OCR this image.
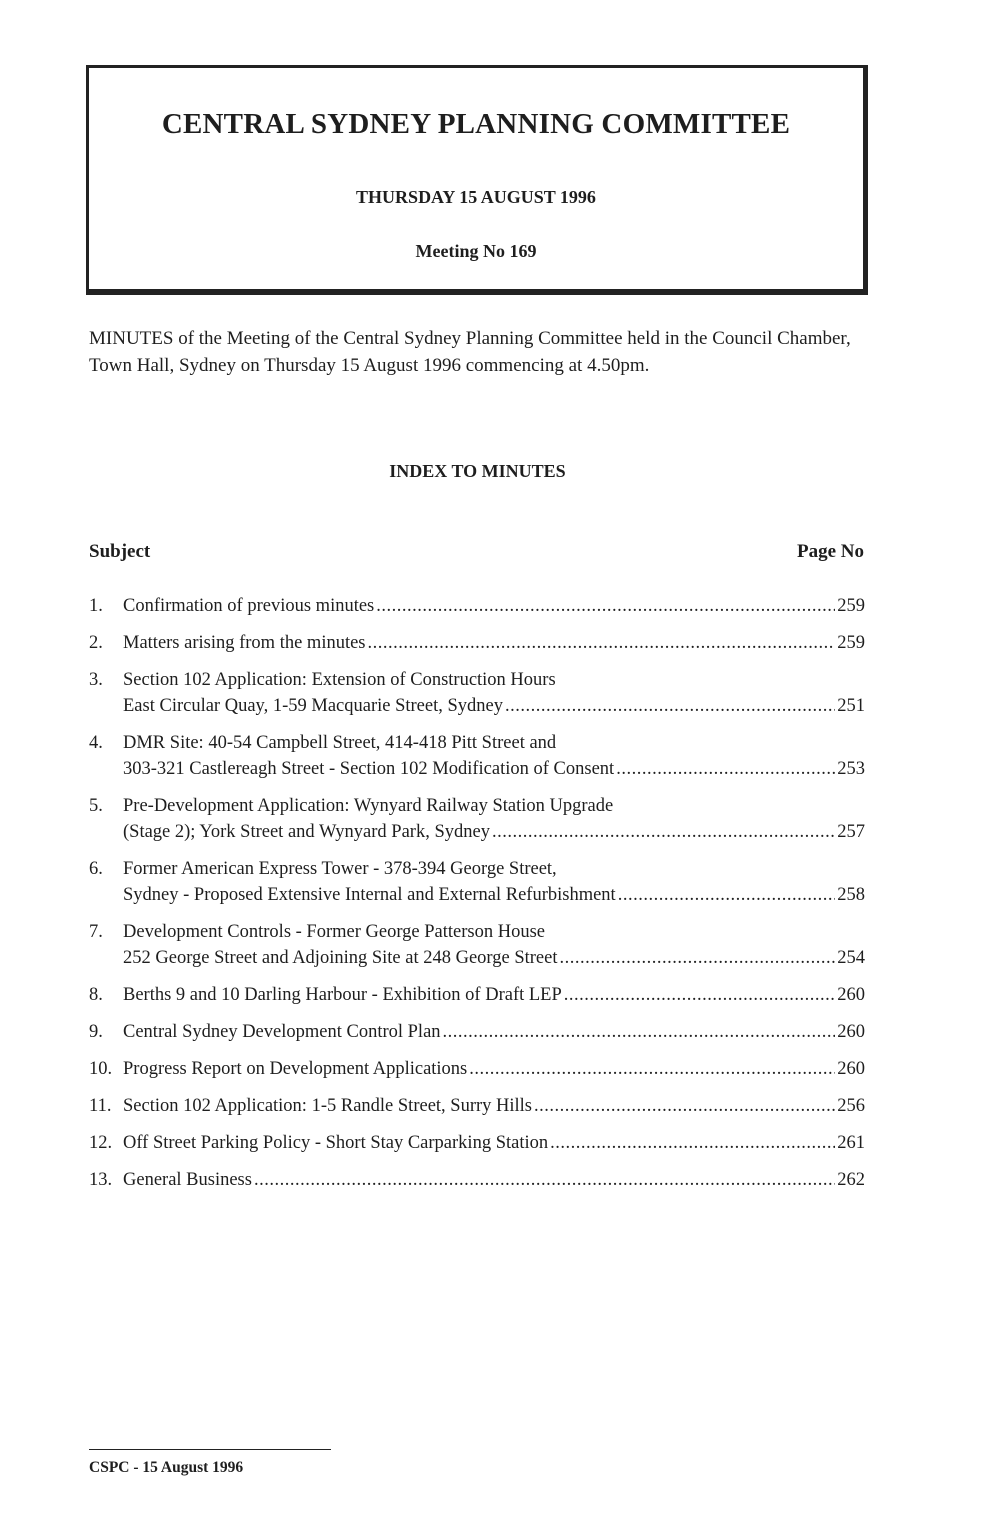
CENTRAL SYDNEY PLANNING COMMITTEE
THURSDAY 15 AUGUST 1996
Meeting No 169
MINUTES of the Meeting of the Central Sydney Planning Committee held in the Council Chamber, Town Hall, Sydney on Thursday 15 August 1996 commencing at 4.50pm.
INDEX TO MINUTES
Subject	Page No
1.	Confirmation of previous minutes .....	259
2.	Matters arising from the minutes .....	259
3.	Section 102 Application: Extension of Construction Hours
East Circular Quay, 1-59 Macquarie Street, Sydney .....	251
4.	DMR Site: 40-54 Campbell Street, 414-418 Pitt Street and
303-321 Castlereagh Street - Section 102 Modification of Consent .....	253
5.	Pre-Development Application: Wynyard Railway Station Upgrade
(Stage 2); York Street and Wynyard Park, Sydney .....	257
6.	Former American Express Tower - 378-394 George Street,
Sydney - Proposed Extensive Internal and External Refurbishment .....	258
7.	Development Controls - Former George Patterson House
252 George Street and Adjoining Site at 248 George Street .....	254
8.	Berths 9 and 10 Darling Harbour - Exhibition of Draft LEP .....	260
9.	Central Sydney Development Control Plan .....	260
10. Progress Report on Development Applications .....	260
11. Section 102 Application: 1-5 Randle Street, Surry Hills .....	256
12. Off Street Parking Policy - Short Stay Carparking Station .....	261
13. General Business .....	262
CSPC - 15 August 1996
